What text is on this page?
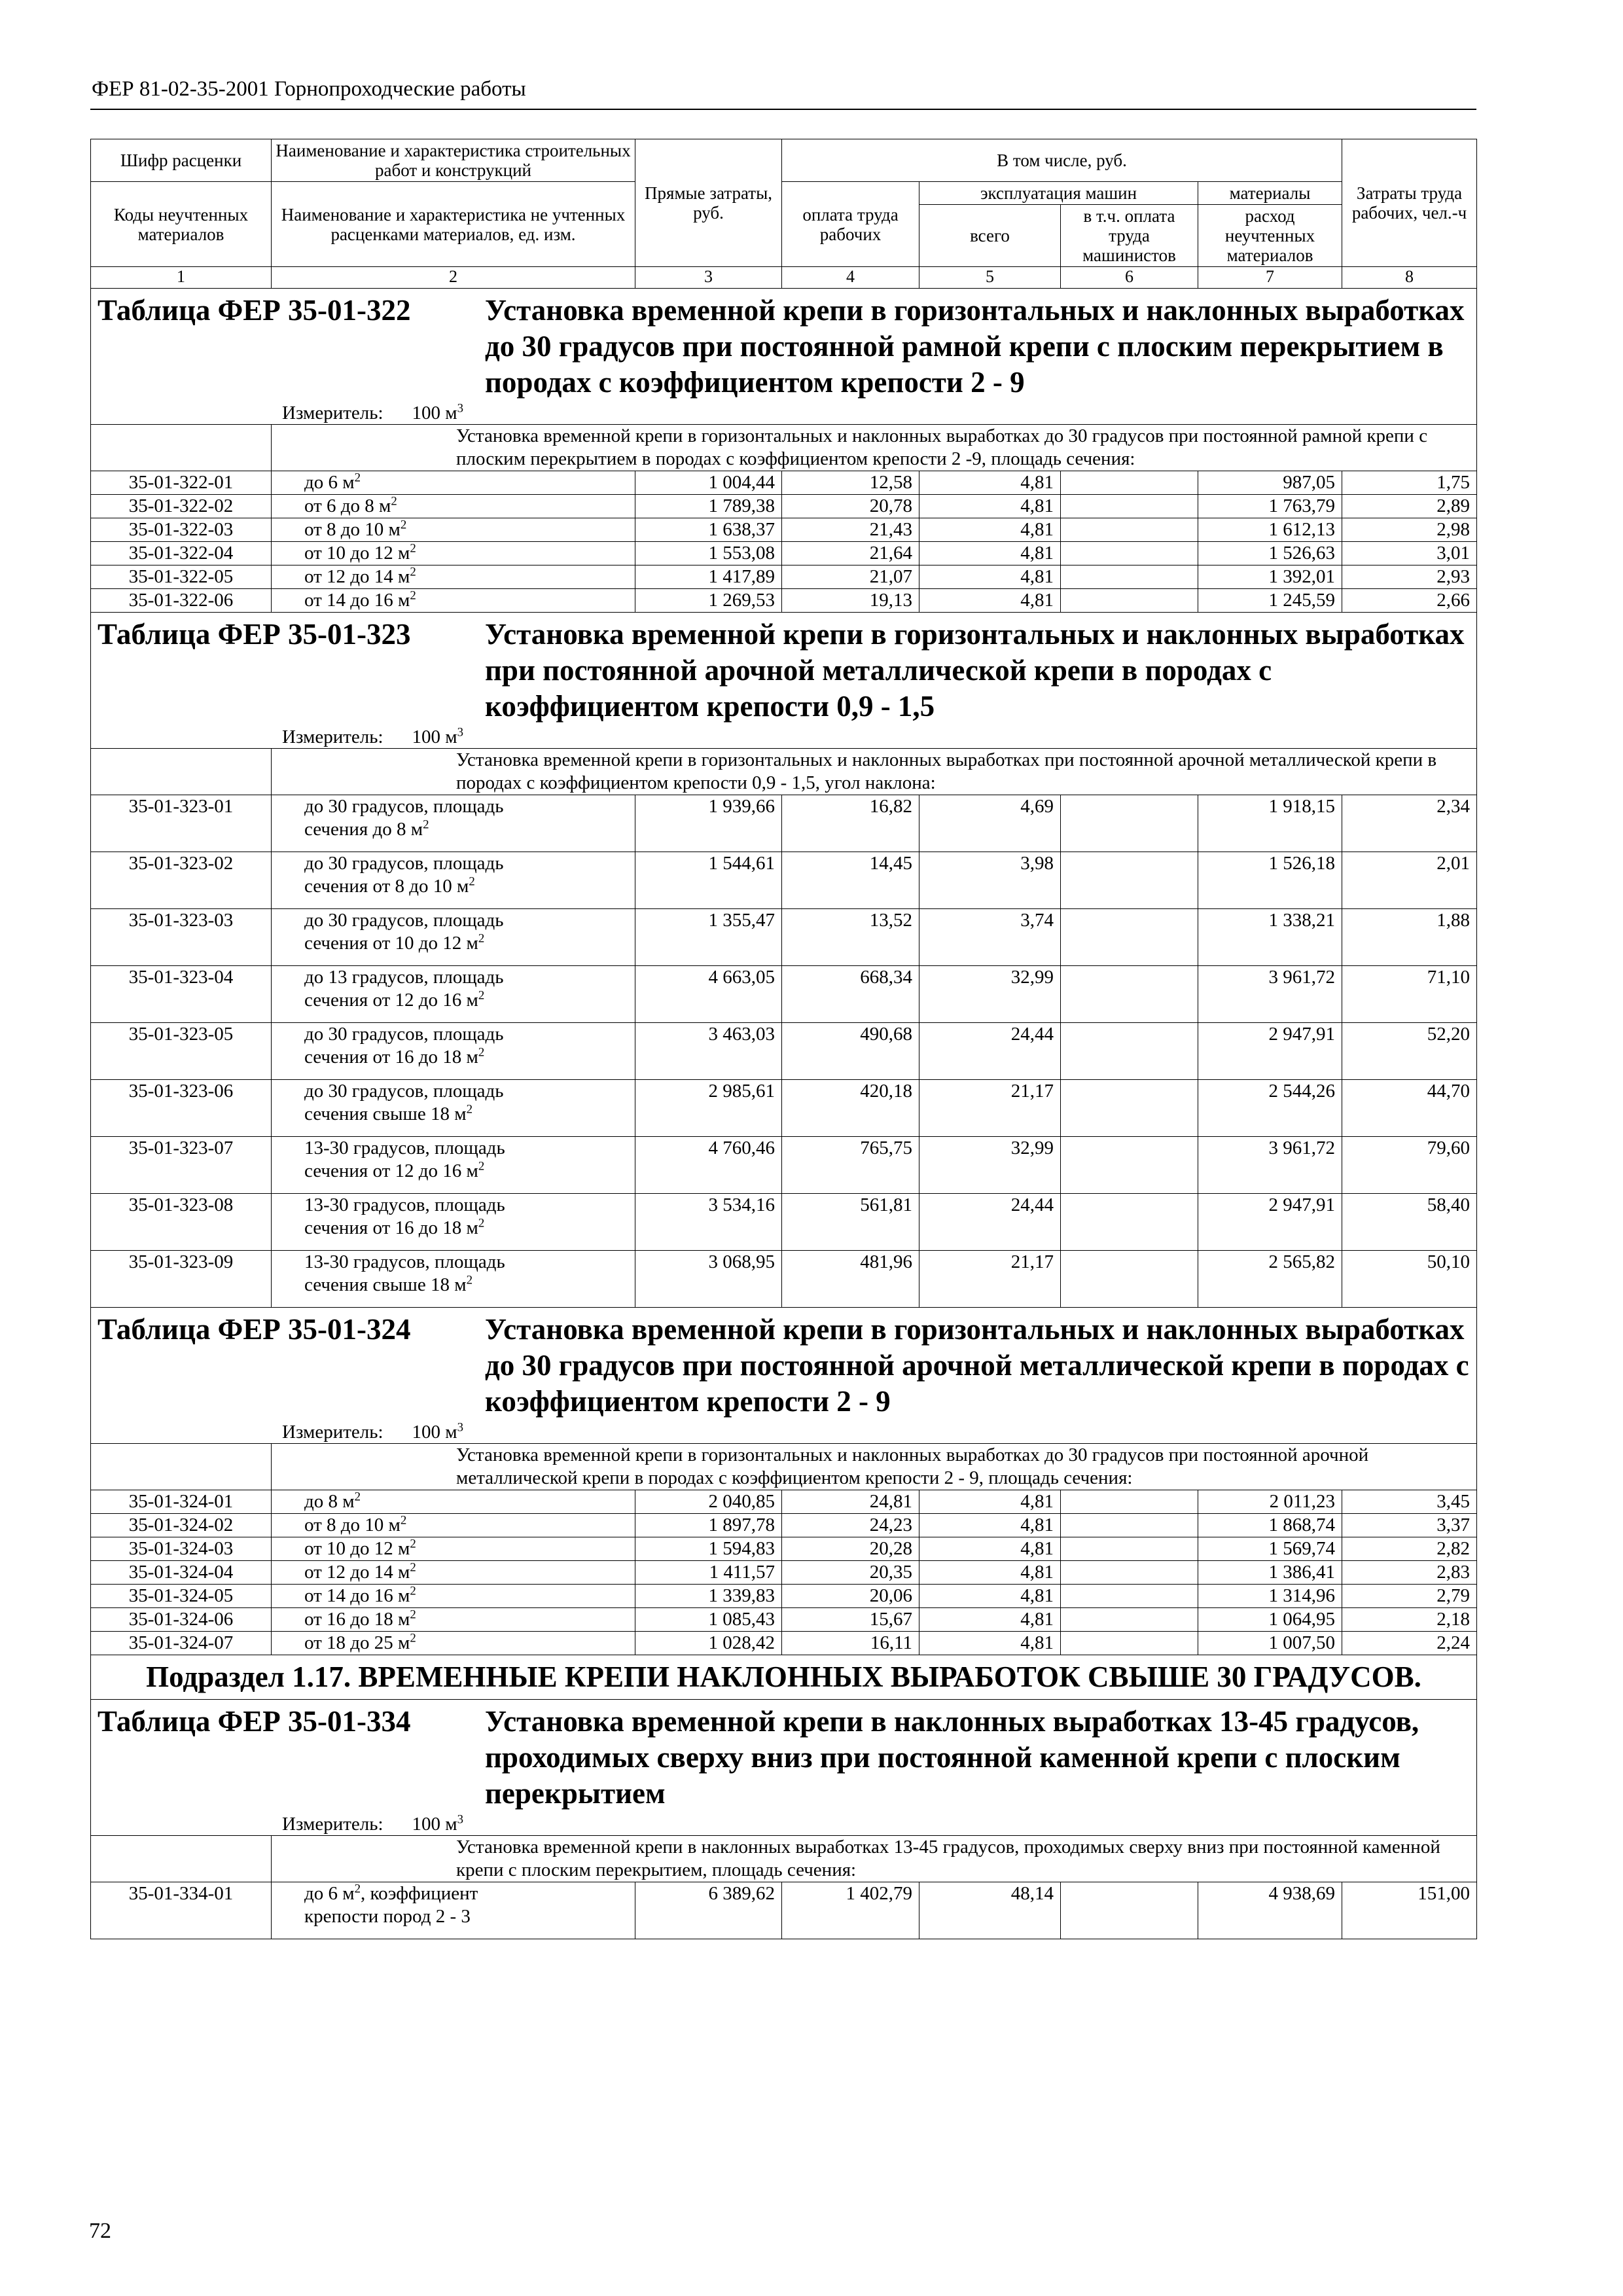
ФЕР 81-02-35-2001 Горнопроходческие работы
Шифр расценки	Наименование и характеристика строительных работ и конструкций	Прямые затраты, руб.	В том числе, руб.				Затраты труда рабочих, чел.-ч
Коды неучтенных материалов	Наименование и характеристика не учтенных расценками материалов, ед. изм.		оплата труда рабочих	эксплуатация машин		материалы	
				всего	в т.ч. оплата труда машинистов	расход неучтенных материалов	

1	2	3	4	5	6	7	8

Таблица ФЕР 35-01-322 Установка временной крепи в горизонтальных и наклонных выработках до 30 градусов при постоянной рамной крепи с плоским перекрытием в породах с коэффициентом крепости 2 - 9
Измеритель: 100 $м^3$

	Установка временной крепи в горизонтальных и наклонных выработках до 30 градусов при постоянной рамной крепи с плоским перекрытием в породах с коэффициентом крепости 2 -9, площадь сечения:						
35-01-322-01	до 6 $м^2$	1 004,44	12,58	4,81		987,05	1,75
35-01-322-02	от 6 до 8 $м^2$	1 789,38	20,78	4,81		1 763,79	2,89
35-01-322-03	от 8 до 10 $м^2$	1 638,37	21,43	4,81		1 612,13	2,98
35-01-322-04	от 10 до 12 $м^2$	1 553,08	21,64	4,81		1 526,63	3,01
35-01-322-05	от 12 до 14 $м^2$	1 417,89	21,07	4,81		1 392,01	2,93
35-01-322-06	от 14 до 16 $м^2$	1 269,53	19,13	4,81		1 245,59	2,66

Таблица ФЕР 35-01-323 Установка временной крепи в горизонтальных и наклонных выработках при постоянной арочной металлической крепи в породах с коэффициентом крепости 0,9 - 1,5
Измеритель: 100 $м^3$

	Установка временной крепи в горизонтальных и наклонных выработках при постоянной арочной металлической крепи в породах с коэффициентом крепости 0,9 - 1,5, угол наклона:						
35-01-323-01	до 30 градусов, площадь
сечения до 8 $м^2$	1 939,66	16,82	4,69		1 918,15	2,34
35-01-323-02	до 30 градусов, площадь
сечения от 8 до 10 $м^2$	1 544,61	14,45	3,98		1 526,18	2,01
35-01-323-03	до 30 градусов, площадь
сечения от 10 до 12 $м^2$	1 355,47	13,52	3,74		1 338,21	1,88
35-01-323-04	до 13 градусов, площадь
сечения от 12 до 16 $м^2$	4 663,05	668,34	32,99		3 961,72	71,10
35-01-323-05	до 30 градусов, площадь
сечения от 16 до 18 $м^2$	3 463,03	490,68	24,44		2 947,91	52,20
35-01-323-06	до 30 градусов, площадь
сечения свыше 18 $м^2$	2 985,61	420,18	21,17		2 544,26	44,70
35-01-323-07	13-30 градусов, площадь
сечения от 12 до 16 $м^2$	4 760,46	765,75	32,99		3 961,72	79,60
35-01-323-08	13-30 градусов, площадь
сечения от 16 до 18 $м^2$	3 534,16	561,81	24,44		2 947,91	58,40
35-01-323-09	13-30 градусов, площадь
сечения свыше 18 $м^2$	3 068,95	481,96	21,17		2 565,82	50,10

Таблица ФЕР 35-01-324 Установка временной крепи в горизонтальных и наклонных выработках до 30 градусов при постоянной арочной металлической крепи в породах с коэффициентом крепости 2 - 9
Измеритель: 100 $м^3$

	Установка временной крепи в горизонтальных и наклонных выработках до 30 градусов при постоянной арочной металлической крепи в породах с коэффициентом крепости 2 - 9, площадь сечения:						
35-01-324-01	до 8 $м^2$	2 040,85	24,81	4,81		2 011,23	3,45
35-01-324-02	от 8 до 10 $м^2$	1 897,78	24,23	4,81		1 868,74	3,37
35-01-324-03	от 10 до 12 $м^2$	1 594,83	20,28	4,81		1 569,74	2,82
35-01-324-04	от 12 до 14 $м^2$	1 411,57	20,35	4,81		1 386,41	2,83
35-01-324-05	от 14 до 16 $м^2$	1 339,83	20,06	4,81		1 314,96	2,79
35-01-324-06	от 16 до 18 $м^2$	1 085,43	15,67	4,81		1 064,95	2,18
35-01-324-07	от 18 до 25 $м^2$	1 028,42	16,11	4,81		1 007,50	2,24
Подраздел 1.17. ВРЕМЕННЫЕ КРЕПИ НАКЛОННЫХ ВЫРАБОТОК СВЫШЕ 30 ГРАДУСОВ.							

Таблица ФЕР 35-01-334 Установка временной крепи в наклонных выработках 13-45 градусов, проходимых сверху вниз при постоянной каменной крепи с плоским перекрытием
Измеритель: 100 $м^3$

	Установка временной крепи в наклонных выработках 13-45 градусов, проходимых сверху вниз при постоянной каменной крепи с плоским перекрытием, площадь сечения:						
35-01-334-01	до 6 $м^2$, коэффициент
крепости пород 2 - 3	6 389,62	1 402,79	48,14		4 938,69	151,00
72
